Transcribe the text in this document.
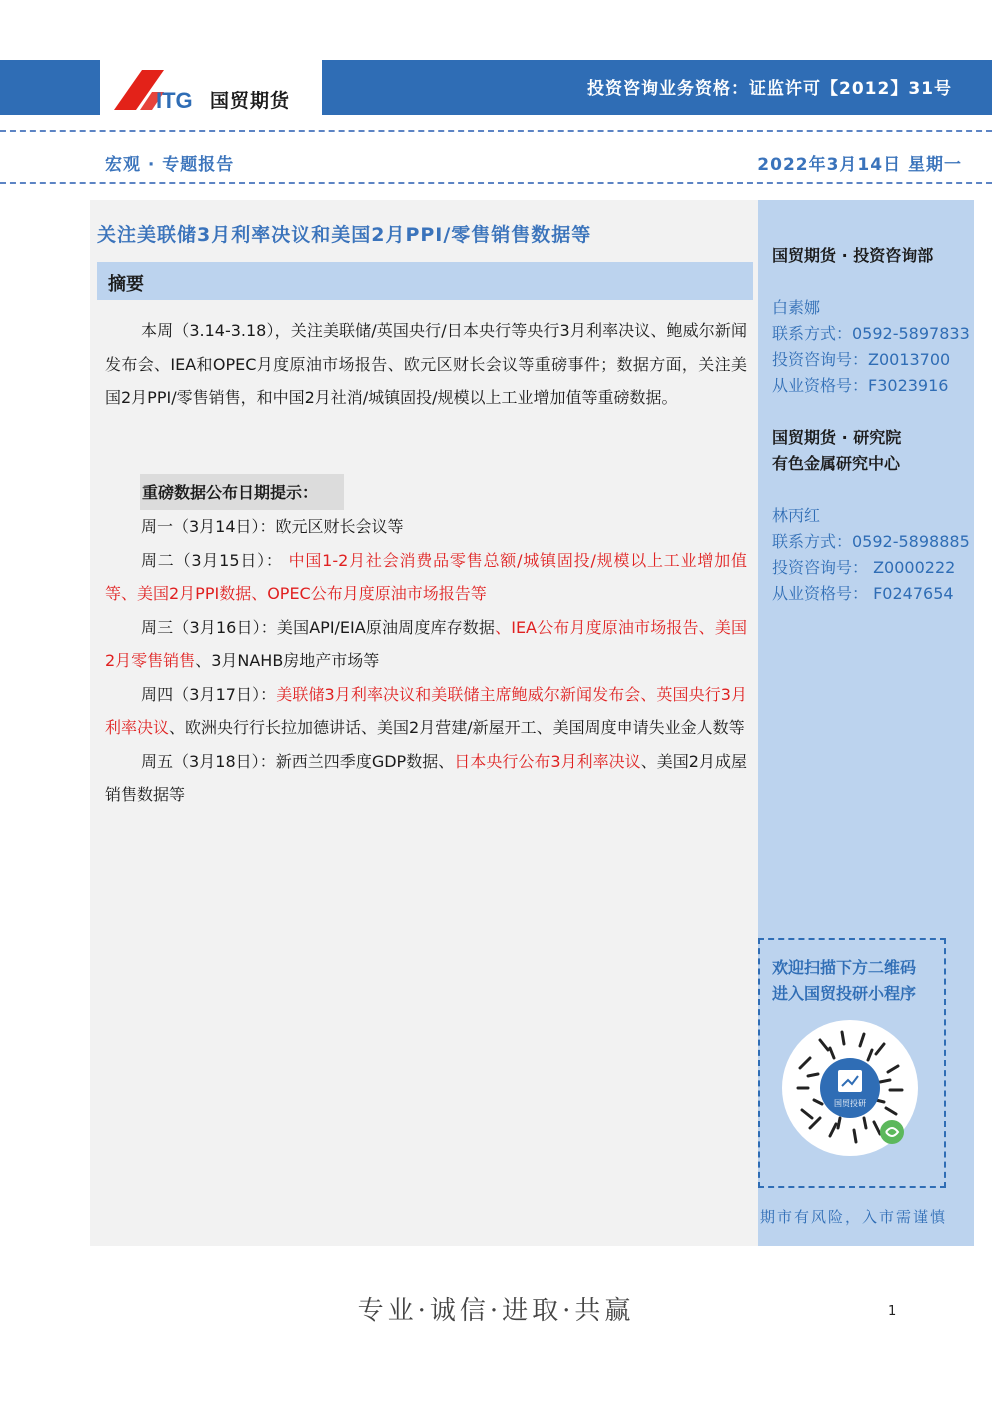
ITG 国贸期货
投资咨询业务资格：证监许可【2012】31号
宏观 · 专题报告	2022年3月14日 星期一
关注美联储3月利率决议和美国2月PPI/零售销售数据等
摘要
本周（3.14-3.18），关注美联储/英国央行/日本央行等央行3月利率决议、鲍威尔新闻发布会、IEA和OPEC月度原油市场报告、欧元区财长会议等重磅事件；数据方面，关注美国2月PPI/零售销售，和中国2月社消/城镇固投/规模以上工业增加值等重磅数据。
重磅数据公布日期提示：

周一（3月14日）：欧元区财长会议等

周二（3月15日）： 中国1-2月社会消费品零售总额/城镇固投/规模以上工业增加值等、美国2月PPI数据、OPEC公布月度原油市场报告等

周三（3月16日）：美国API/EIA原油周度库存数据、IEA公布月度原油市场报告、美国2月零售销售、3月NAHB房地产市场等

周四（3月17日）：美联储3月利率决议和美联储主席鲍威尔新闻发布会、英国央行3月利率决议、欧洲央行行长拉加德讲话、美国2月营建/新屋开工、美国周度申请失业金人数等

周五（3月18日）：新西兰四季度GDP数据、日本央行公布3月利率决议、美国2月成屋销售数据等

国贸期货 · 投资咨询部
白素娜
联系方式：0592-5897833
投资咨询号：Z0013700
从业资格号：F3023916
国贸期货 · 研究院
有色金属研究中心
林丙红
联系方式：0592-5898885
投资咨询号： Z0000222
从业资格号： F0247654
欢迎扫描下方二维码
进入国贸投研小程序
国贸投研
期市有风险，入市需谨慎
专业·诚信·进取·共赢	1
